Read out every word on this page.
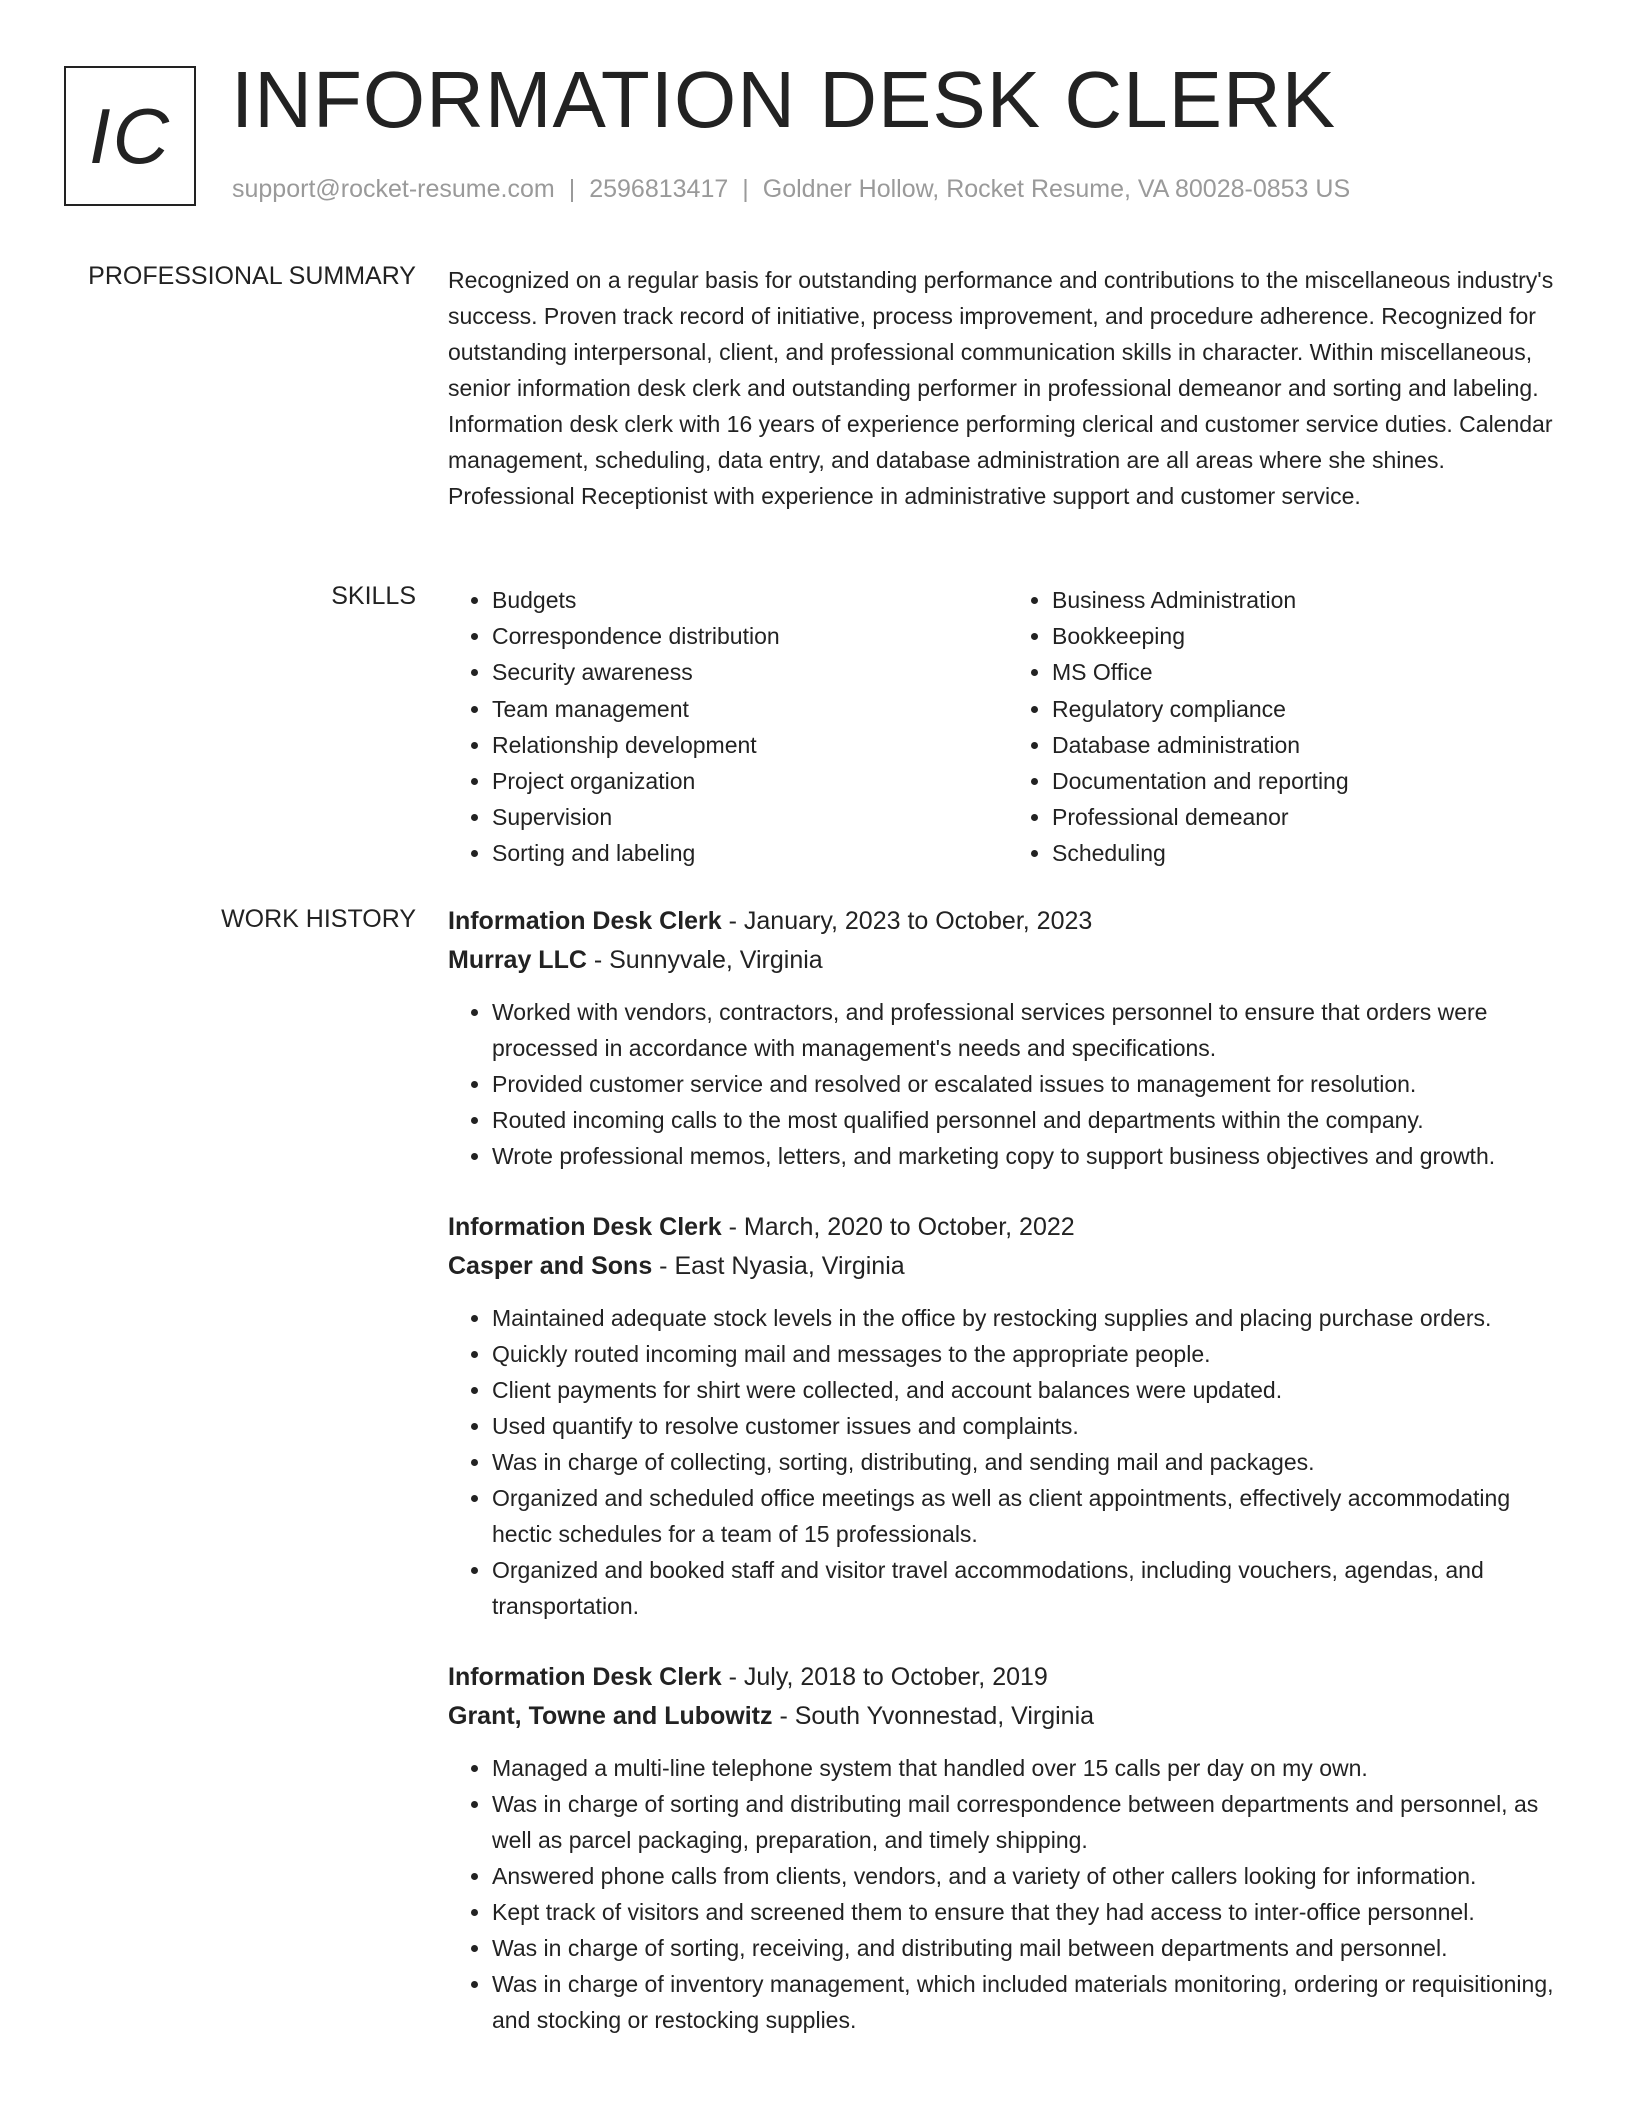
IC INFORMATION DESK CLERK
support@rocket-resume.com | 2596813417 | Goldner Hollow, Rocket Resume, VA 80028-0853 US
PROFESSIONAL SUMMARY Recognized on a regular basis for outstanding performance and contributions to the miscellaneous industry's success. Proven track record of initiative, process improvement, and procedure adherence. Recognized for outstanding interpersonal, client, and professional communication skills in character. Within miscellaneous, senior information desk clerk and outstanding performer in professional demeanor and sorting and labeling. Information desk clerk with 16 years of experience performing clerical and customer service duties. Calendar management, scheduling, data entry, and database administration are all areas where she shines. Professional Receptionist with experience in administrative support and customer service.

SKILLS
•	Budgets
• Correspondence distribution
• Security awareness
• Team management
• Relationship development
• Project organization
• Supervision
• Sorting and labeling
• Business Administration
• Bookkeeping
• MS Office
• Regulatory compliance
• Database administration
• Documentation and reporting
• Professional demeanor
• Scheduling
WORK HISTORY Information Desk Clerk - January, 2023 to October, 2023
Murray LLC - Sunnyvale, Virginia
• Worked with vendors, contractors, and professional services personnel to ensure that orders were processed in accordance with management's needs and specifications.
• Provided customer service and resolved or escalated issues to management for resolution.
• Routed incoming calls to the most qualified personnel and departments within the company.
• Wrote professional memos, letters, and marketing copy to support business objectives and growth.
Information Desk Clerk - March, 2020 to October, 2022
Casper and Sons - East Nyasia, Virginia
• Maintained adequate stock levels in the office by restocking supplies and placing purchase orders.
• Quickly routed incoming mail and messages to the appropriate people.
• Client payments for shirt were collected, and account balances were updated.
• Used quantify to resolve customer issues and complaints.
• Was in charge of collecting, sorting, distributing, and sending mail and packages.
• Organized and scheduled office meetings as well as client appointments, effectively accommodating hectic schedules for a team of 15 professionals.
• Organized and booked staff and visitor travel accommodations, including vouchers, agendas, and transportation.
Information Desk Clerk - July, 2018 to October, 2019
Grant, Towne and Lubowitz - South Yvonnestad, Virginia
• Managed a multi-line telephone system that handled over 15 calls per day on my own.
• Was in charge of sorting and distributing mail correspondence between departments and personnel, as well as parcel packaging, preparation, and timely shipping.
• Answered phone calls from clients, vendors, and a variety of other callers looking for information.
• Kept track of visitors and screened them to ensure that they had access to inter-office personnel.
• Was in charge of sorting, receiving, and distributing mail between departments and personnel.
• Was in charge of inventory management, which included materials monitoring, ordering or requisitioning, and stocking or restocking supplies.
